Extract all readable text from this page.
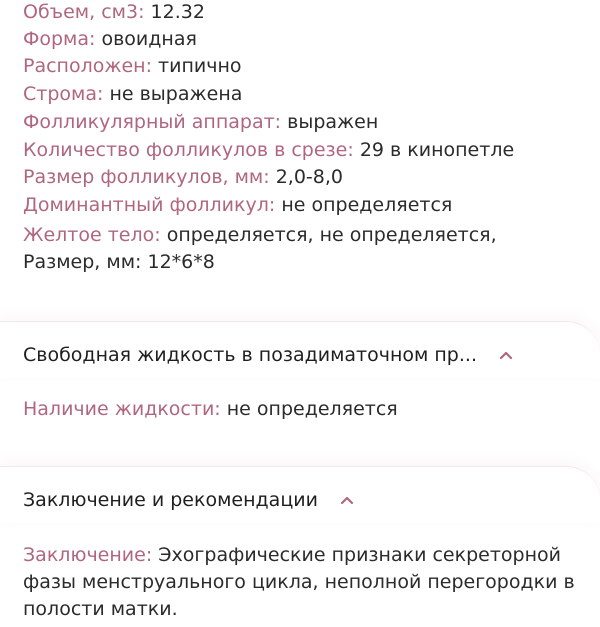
Объем, см3: 12.32
Форма: овоидная
Расположен: типично
Строма: не выражена
Фолликулярный аппарат: выражен
Количество фолликулов в срезе: 29 в кинопетле
Размер фолликулов, мм: 2,0-8,0
Доминантный фолликул: не определяется
Желтое тело: определяется, не определяется, Размер, мм: 12*6*8
Свободная жидкость в позадиматочном пр...
Наличие жидкости: не определяется
Заключение и рекомендации
Заключение: Эхографические признаки секреторной фазы менструального цикла, неполной перегородки в полости матки.
